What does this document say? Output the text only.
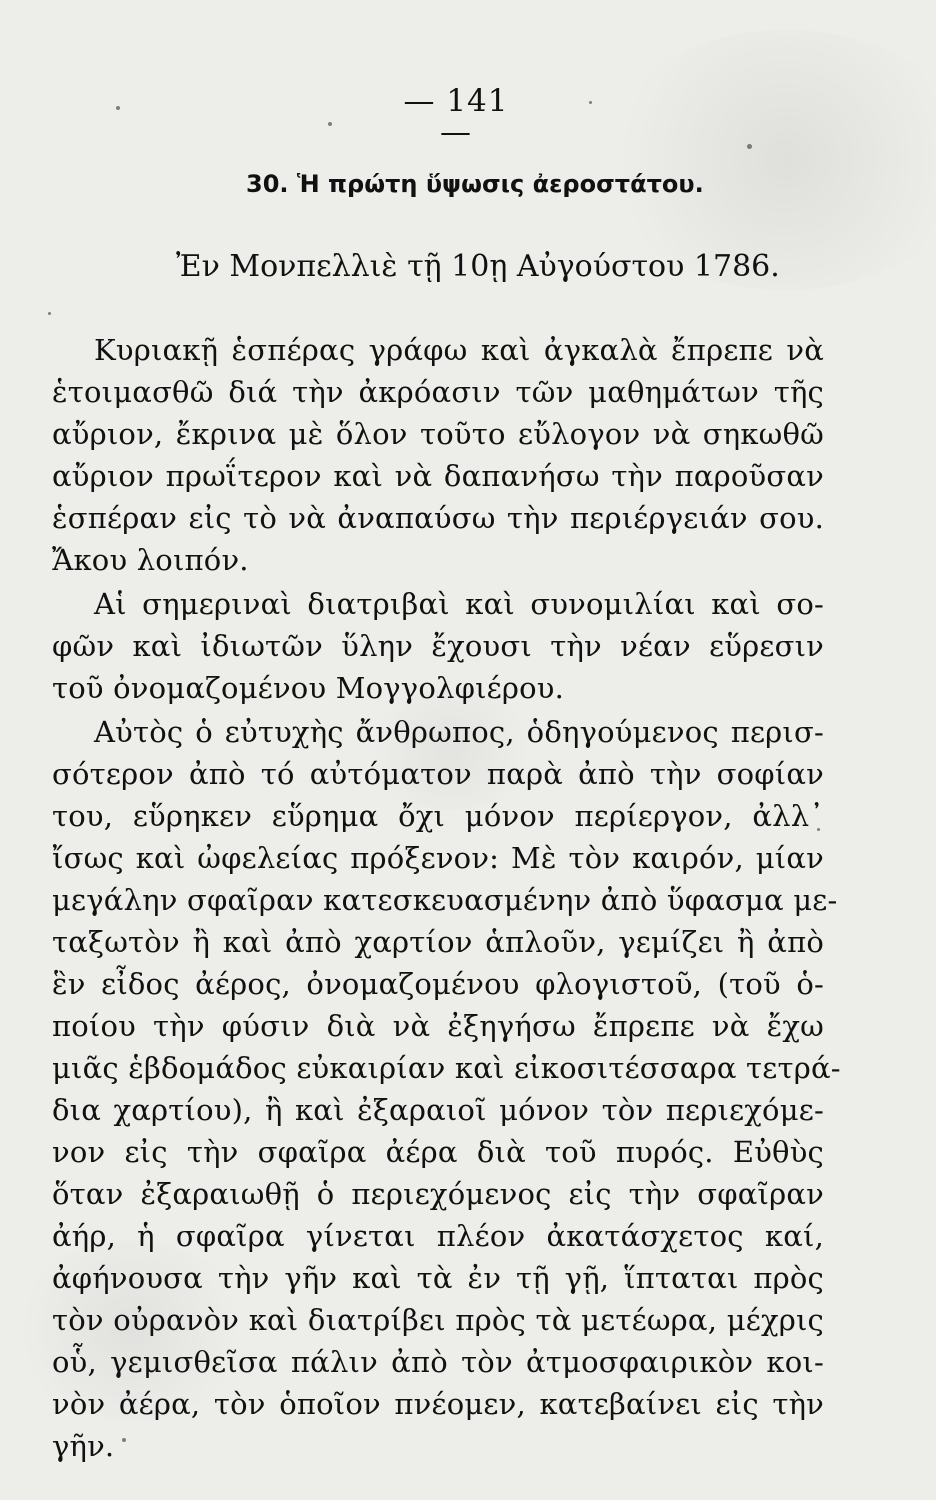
— 141 —
30. Ἡ πρώτη ὕψωσις ἀεροστάτου.
Ἐν Μονπελλιὲ τῇ 10ῃ Αὐγούστου 1786.
Κυριακῇ ἑσπέρας γράφω καὶ ἀγκαλὰ ἔπρεπε νὰ
ἑτοιμασθῶ διά τὴν ἀκρόασιν τῶν μαθημάτων τῆς
αὔριον, ἔκρινα μὲ ὅλον τοῦτο εὔλογον νὰ σηκωθῶ
αὔριον πρωΐτερον καὶ νὰ δαπανήσω τὴν παροῦσαν
ἑσπέραν εἰς τὸ νὰ ἀναπαύσω τὴν περιέργειάν σου.
Ἄκου λοιπόν.
Αἱ σημεριναὶ διατριβαὶ καὶ συνομιλίαι καὶ σο-
φῶν καὶ ἰδιωτῶν ὕλην ἔχουσι τὴν νέαν εὕρεσιν
τοῦ ὀνομαζομένου Μογγολφιέρου.
Αὐτὸς ὁ εὐτυχὴς ἄνθρωπος, ὁδηγούμενος περισ-
σότερον ἀπὸ τό αὐτόματον παρὰ ἀπὸ τὴν σοφίαν
του, εὕρηκεν εὕρημα ὄχι μόνον περίεργον, ἀλλ᾽
ἴσως καὶ ὠφελείας πρόξενον: Μὲ τὸν καιρόν, μίαν
μεγάλην σφαῖραν κατεσκευασμένην ἀπὸ ὕφασμα με-
ταξωτὸν ἢ καὶ ἀπὸ χαρτίον ἁπλοῦν, γεμίζει ἢ ἀπὸ
ἓν εἶδος ἀέρος, ὀνομαζομένου φλογιστοῦ, (τοῦ ὁ-
ποίου τὴν φύσιν διὰ νὰ ἐξηγήσω ἔπρεπε νὰ ἔχω
μιᾶς ἑβδομάδος εὐκαιρίαν καὶ εἰκοσιτέσσαρα τετρά-
δια χαρτίου), ἢ καὶ ἐξαραιοῖ μόνον τὸν περιεχόμε-
νον εἰς τὴν σφαῖρα ἀέρα διὰ τοῦ πυρός. Εὐθὺς
ὅταν ἐξαραιωθῇ ὁ περιεχόμενος εἰς τὴν σφαῖραν
ἀήρ, ἡ σφαῖρα γίνεται πλέον ἀκατάσχετος καί,
ἀφήνουσα τὴν γῆν καὶ τὰ ἐν τῇ γῇ, ἵπταται πρὸς
τὸν οὐρανὸν καὶ διατρίβει πρὸς τὰ μετέωρα, μέχρις
οὗ, γεμισθεῖσα πάλιν ἀπὸ τὸν ἀτμοσφαιρικὸν κοι-
νὸν ἀέρα, τὸν ὁποῖον πνέομεν, κατεβαίνει εἰς τὴν
γῆν.
